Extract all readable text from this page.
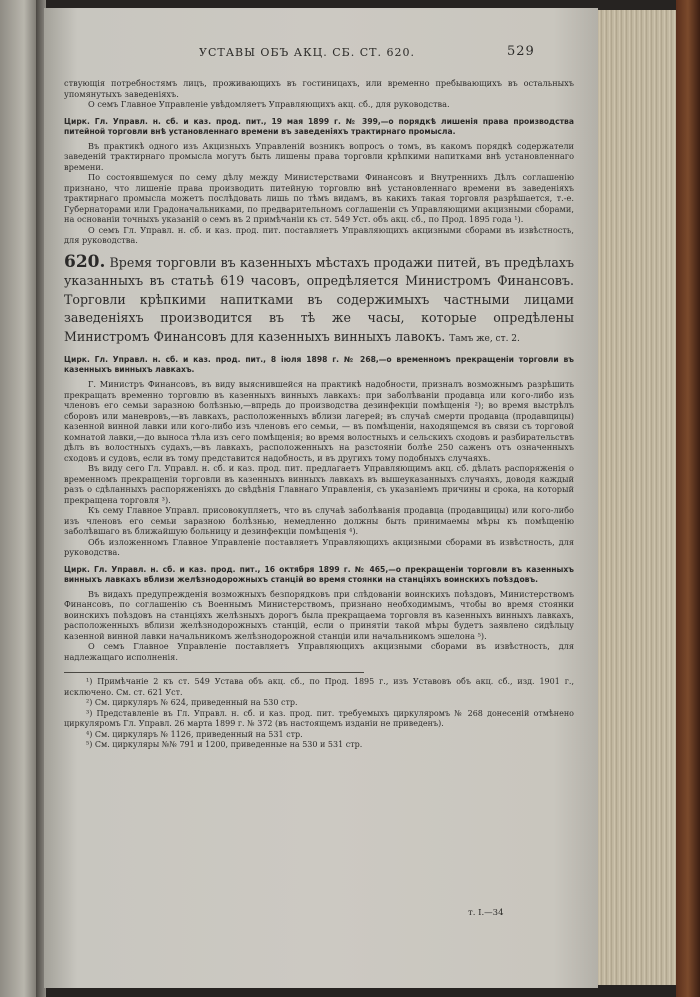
УСТАВЫ ОБЪ АКЦ. СБ. СТ. 620.	529

ствующія потребностямъ лицъ, проживающихъ въ гостиницахъ, или временно пребывающихъ въ остальныхъ упомянутыхъ заведеніяхъ.

О семъ Главное Управленіе увѣдомляетъ Управляющихъ акц. сб., для руководства.

Цирк. Гл. Управл. н. сб. и каз. прод. пит., 19 мая 1899 г. № 399,—о порядкѣ лишенія права производства питейной торговли внѣ установленнаго времени въ заведеніяхъ трактирнаго промысла.

Въ практикѣ одного изъ Акцизныхъ Управленій возникъ вопросъ о томъ, въ какомъ порядкѣ содержатели заведеній трактирнаго промысла могутъ быть лишены права торговли крѣпкими напитками внѣ установленнаго времени.

По состоявшемуся по сему дѣлу между Министерствами Финансовъ и Внутреннихъ Дѣлъ соглашенію признано, что лишеніе права производить питейную торговлю внѣ установленнаго времени въ заведеніяхъ трактирнаго промысла можетъ послѣдовать лишь по тѣмъ видамъ, въ какихъ такая торговля разрѣшается, т.-е. Губернаторами или Градоначальниками, по предварительномъ соглашеніи съ Управляющими акцизными сборами, на основаніи точныхъ указаній о семъ въ 2 примѣчаніи къ ст. 549 Уст. объ акц. сб., по Прод. 1895 года ¹).

О семъ Гл. Управл. н. сб. и каз. прод. пит. поставляетъ Управляющихъ акцизными сборами въ извѣстность, для руководства.

620. Время торговли въ казенныхъ мѣстахъ продажи питей, въ предѣлахъ указанныхъ въ статьѣ 619 часовъ, опредѣляется Министромъ Финансовъ. Торговли крѣпкими напитками въ содержимыхъ частными лицами заведеніяхъ производится въ тѣ же часы, которые опредѣлены Министромъ Финансовъ для казенныхъ винныхъ лавокъ. Тамъ же, ст. 2.

Цирк. Гл. Управл. н. сб. и каз. прод. пит., 8 іюля 1898 г. № 268,—о временномъ прекращеніи торговли въ казенныхъ винныхъ лавкахъ.

Г. Министръ Финансовъ, въ виду выяснившейся на практикѣ надобности, призналъ возможнымъ разрѣшить прекращать временно торговлю въ казенныхъ винныхъ лавкахъ: при заболѣваніи продавца или кого-либо изъ членовъ его семьи заразною болѣзнью,—впредь до производства дезинфекціи помѣщенія ²); во время выстрѣлъ сборовъ или маневровъ,—въ лавкахъ, расположенныхъ вблизи лагерей; въ случаѣ смерти продавца (продавщицы) казенной винной лавки или кого-либо изъ членовъ его семьи, — въ помѣщеніи, находящемся въ связи съ торговой комнатой лавки,—до выноса тѣла изъ сего помѣщенія; во время волостныхъ и сельскихъ сходовъ и разбирательствъ дѣлъ въ волостныхъ судахъ,—въ лавкахъ, расположенныхъ на разстояніи болѣе 250 саженъ отъ означенныхъ сходовъ и судовъ, если въ тому представится надобность, и въ другихъ тому подобныхъ случаяхъ.

Въ виду сего Гл. Управл. н. сб. и каз. прод. пит. предлагаетъ Управляющимъ акц. сб. дѣлать распоряженія о временномъ прекращеніи торговли въ казенныхъ винныхъ лавкахъ въ вышеуказанныхъ случаяхъ, доводя каждый разъ о сдѣланныхъ распоряженіяхъ до свѣдѣнія Главнаго Управленія, съ указаніемъ причины и срока, на который прекращена торговля ³).

Къ сему Главное Управл. присовокупляетъ, что въ случаѣ заболѣванія продавца (продавщицы) или кого-либо изъ членовъ его семьи заразною болѣзнью, немедленно должны быть принимаемы мѣры къ помѣщенію заболѣвшаго въ ближайшую больницу и дезинфекціи помѣщенія ⁴).

Объ изложенномъ Главное Управленіе поставляетъ Управляющихъ акцизными сборами въ извѣстность, для руководства.

Цирк. Гл. Управл. н. сб. и каз. прод. пит., 16 октября 1899 г. № 465,—о прекращеніи торговли въ казенныхъ винныхъ лавкахъ вблизи желѣзнодорожныхъ станцій во время стоянки на станціяхъ воинскихъ поѣздовъ.

Въ видахъ предупрежденія возможныхъ безпорядковъ при слѣдованіи воинскихъ поѣздовъ, Министерствомъ Финансовъ, по соглашенію съ Военнымъ Министерствомъ, признано необходимымъ, чтобы во время стоянки воинскихъ поѣздовъ на станціяхъ желѣзныхъ дорогъ была прекращаема торговля въ казенныхъ винныхъ лавкахъ, расположенныхъ вблизи желѣзнодорожныхъ станцій, если о принятіи такой мѣры будетъ заявлено сидѣльцу казенной винной лавки начальникомъ желѣзнодорожной станціи или начальникомъ эшелона ⁵).

О семъ Главное Управленіе поставляетъ Управляющихъ акцизными сборами въ извѣстность, для надлежащаго исполненія.

¹) Примѣчаніе 2 къ ст. 549 Устава объ акц. сб., по Прод. 1895 г., изъ Уставовъ объ акц. сб., изд. 1901 г., исключено. См. ст. 621 Уст.

²) См. циркуляръ № 624, приведенный на 530 стр.

³) Представленіе въ Гл. Управл. н. сб. и каз. прод. пит. требуемыхъ циркуляромъ № 268 донесеній отмѣнено циркуляромъ Гл. Управл. 26 марта 1899 г. № 372 (въ настоящемъ изданіи не приведенъ).

⁴) См. циркуляръ № 1126, приведенный на 531 стр.

⁵) См. циркуляры №№ 791 и 1200, приведенные на 530 и 531 стр.

т. I.—34
